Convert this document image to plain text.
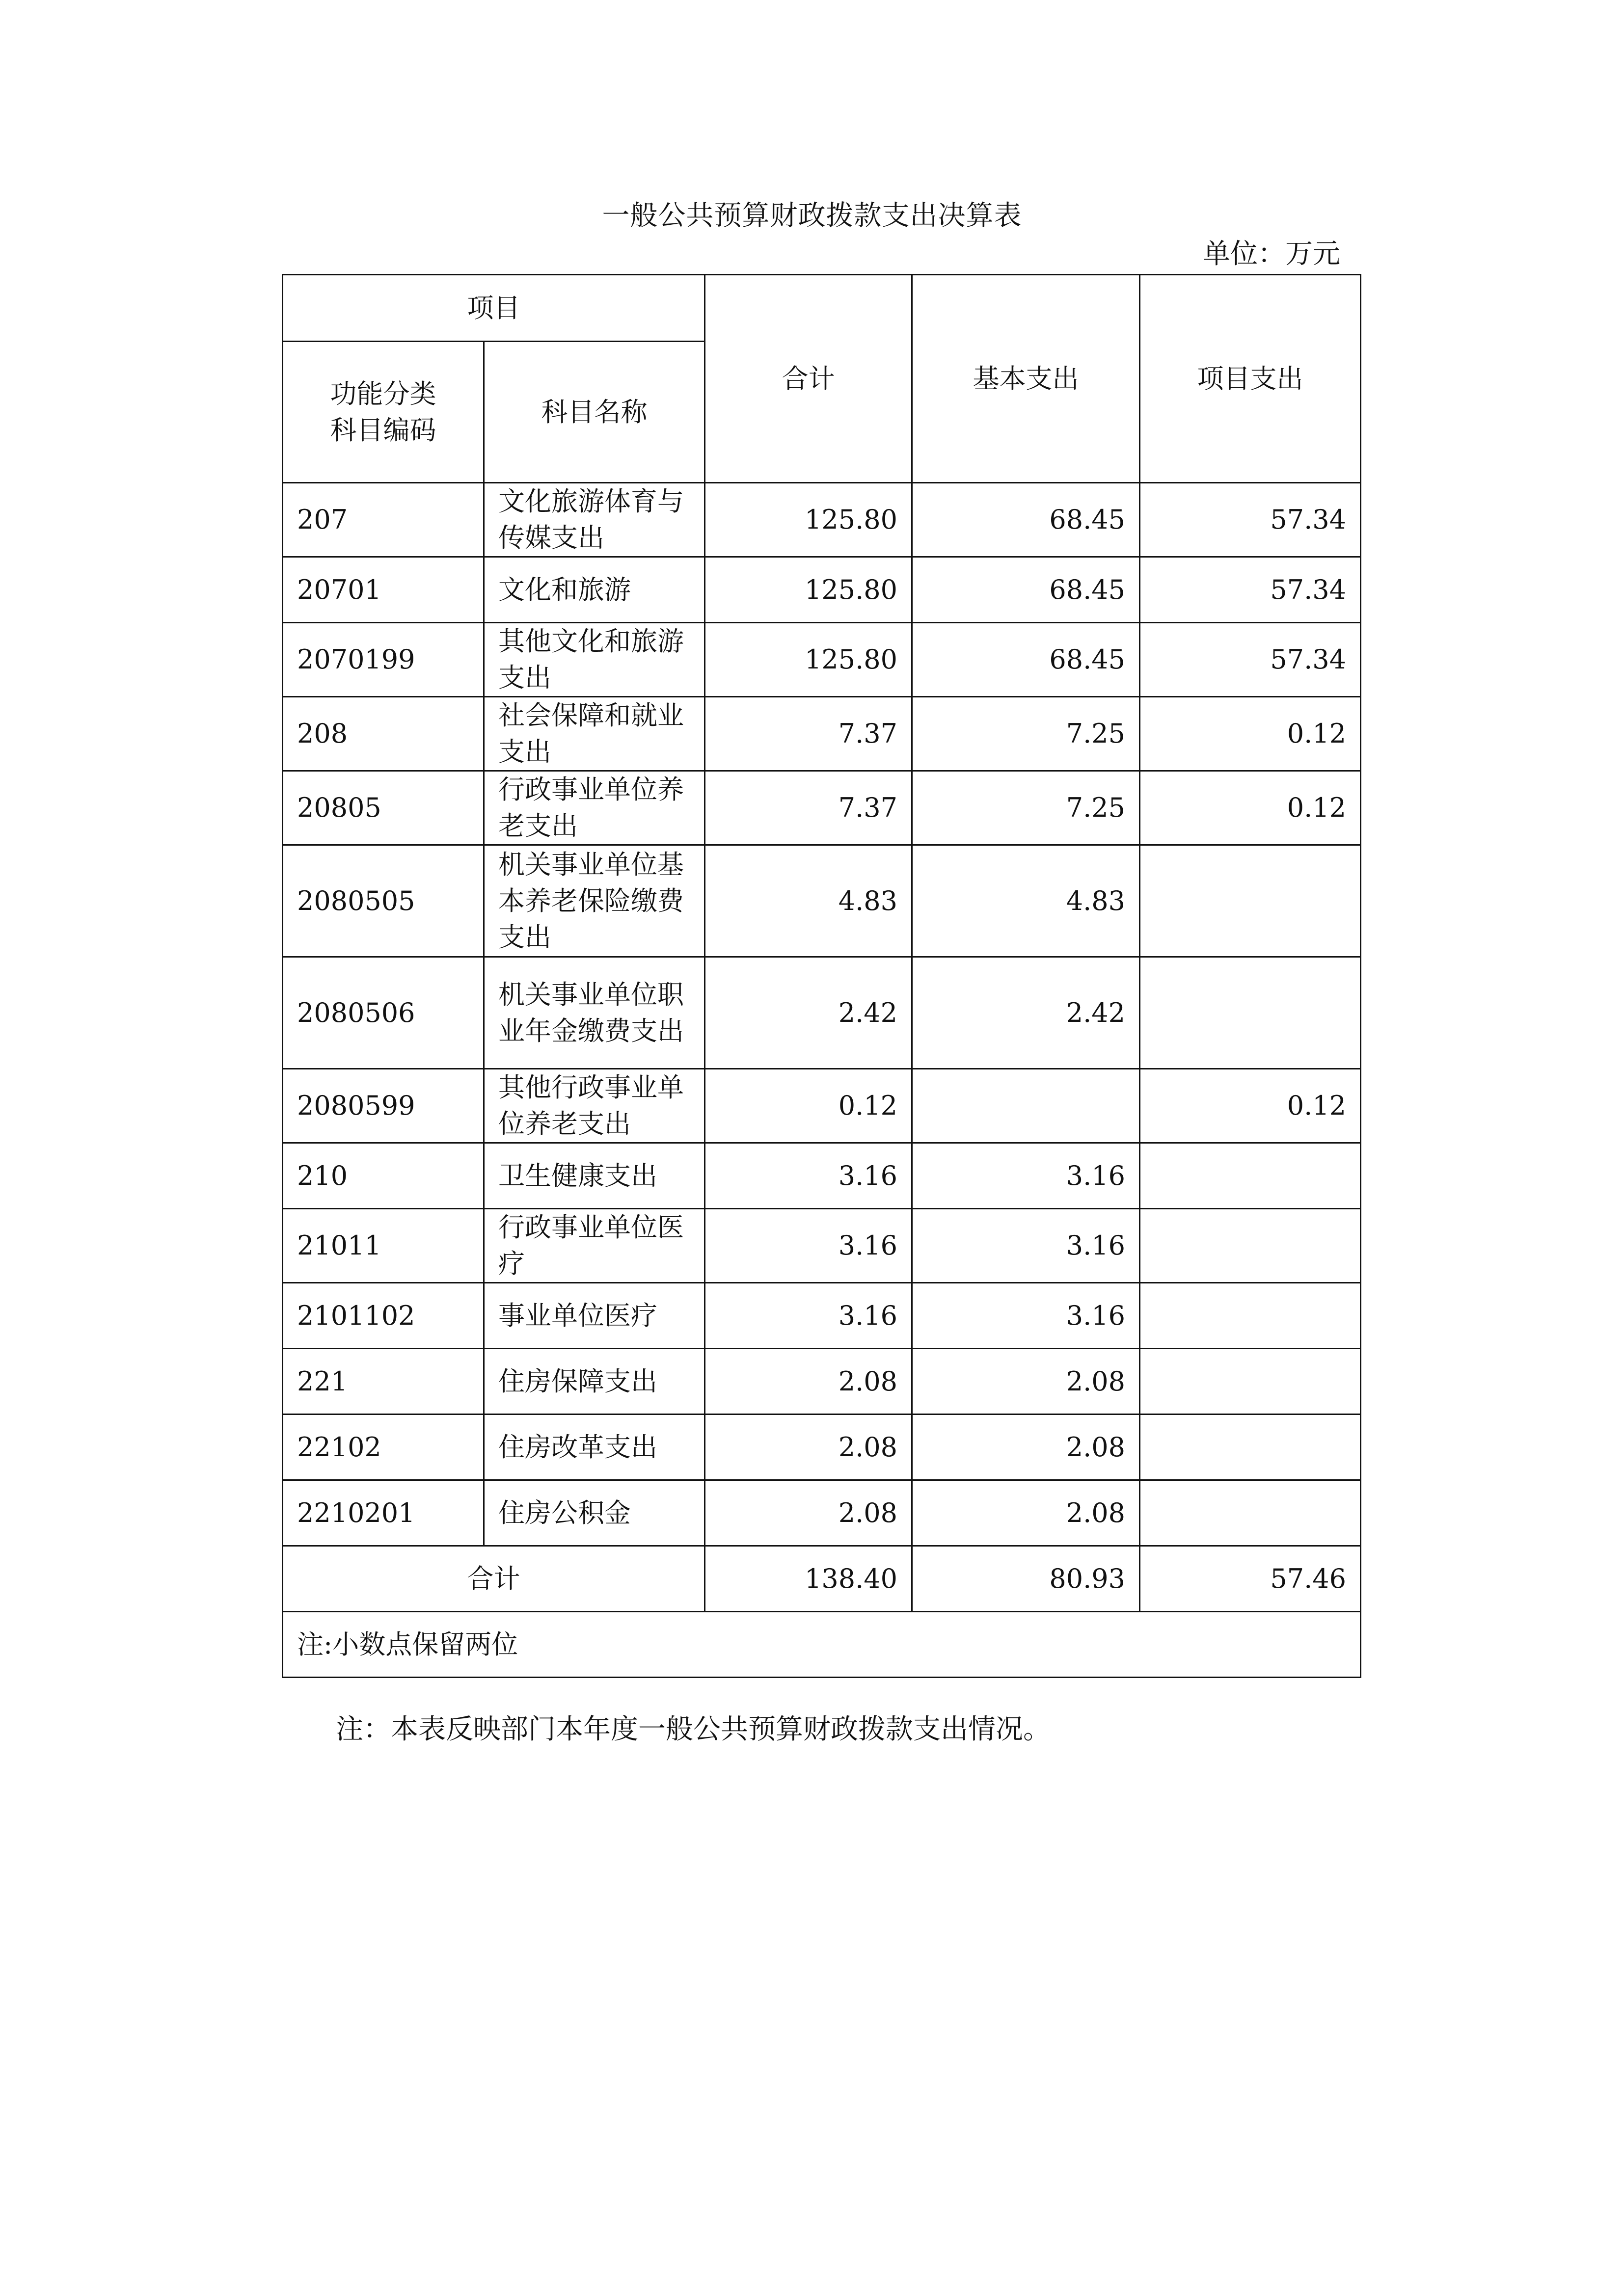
一般公共预算财政拨款支出决算表
单位：万元
项目		合计	基本支出	项目支出
功能分类
科目编码	科目名称			
207	文化旅游体育与传媒支出	125.80	68.45	57.34
20701	文化和旅游	125.80	68.45	57.34
2070199	其他文化和旅游支出	125.80	68.45	57.34
208	社会保障和就业支出	7.37	7.25	0.12
20805	行政事业单位养老支出	7.37	7.25	0.12
2080505	机关事业单位基本养老保险缴费支出	4.83	4.83	
2080506	机关事业单位职业年金缴费支出	2.42	2.42	
2080599	其他行政事业单位养老支出	0.12		0.12
210	卫生健康支出	3.16	3.16	
21011	行政事业单位医疗	3.16	3.16	
2101102	事业单位医疗	3.16	3.16	
221	住房保障支出	2.08	2.08	
22102	住房改革支出	2.08	2.08	
2210201	住房公积金	2.08	2.08	
合计		138.40	80.93	57.46
注:小数点保留两位				
注：本表反映部门本年度一般公共预算财政拨款支出情况。
